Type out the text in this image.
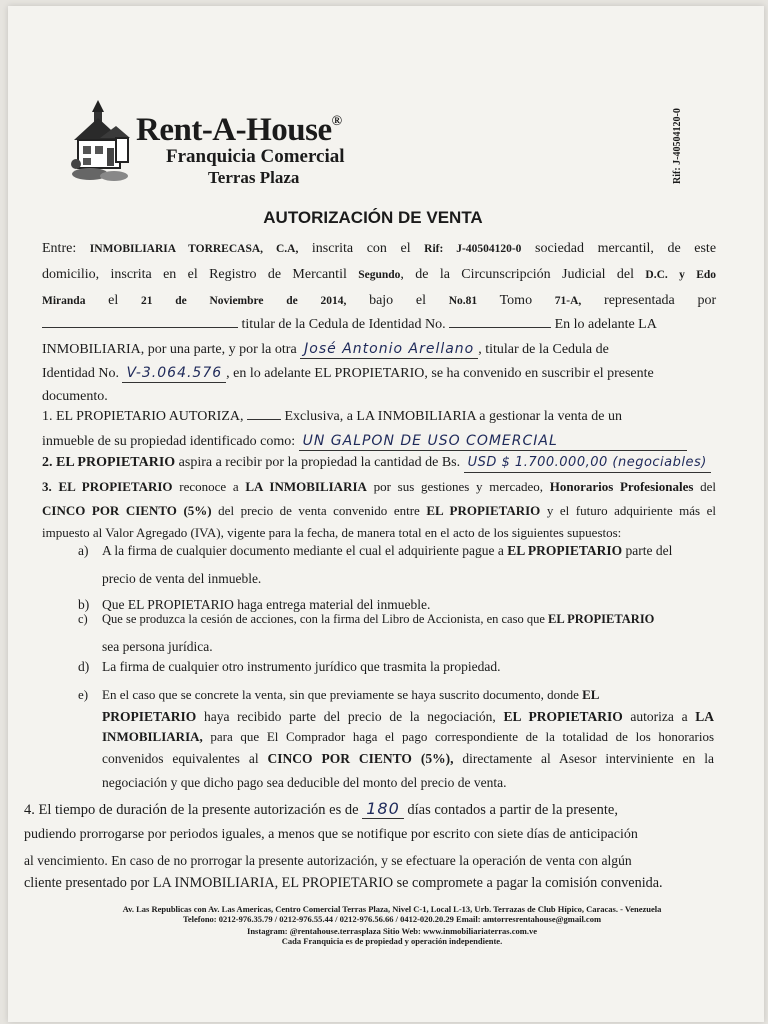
Rent-A-House®
Franquicia Comercial
Terras Plaza	Rif: J-40504120-0
AUTORIZACIÓN DE VENTA
Entre: INMOBILIARIA TORRECASA, C.A, inscrita con el Rif: J-40504120-0 sociedad mercantil, de este
domicilio, inscrita en el Registro de Mercantil Segundo, de la Circunscripción Judicial del D.C. y Edo
Miranda el 21 de Noviembre de 2014, bajo el No.81 Tomo 71-A, representada por
titular de la Cedula de Identidad No.	En lo adelante LA
INMOBILIARIA, por una parte, y por la otra José Antonio Arellano , titular de la Cedula de
Identidad No. V-3.064.576 , en lo adelante EL PROPIETARIO, se ha convenido en suscribir el presente
documento.
1. EL PROPIETARIO AUTORIZA,	Exclusiva, a LA INMOBILIARIA a gestionar la venta de un
inmueble de su propiedad identificado como: UN GALPON DE USO COMERCIAL
2. EL PROPIETARIO aspira a recibir por la propiedad la cantidad de Bs. USD $ 1.700.000,00 (negociables)
3. EL PROPIETARIO reconoce a LA INMOBILIARIA por sus gestiones y mercadeo, Honorarios Profesionales del
CINCO POR CIENTO (5%) del precio de venta convenido entre EL PROPIETARIO y el futuro adquiriente más el
impuesto al Valor Agregado (IVA), vigente para la fecha, de manera total en el acto de los siguientes supuestos:
a) A la firma de cualquier documento mediante el cual el adquiriente pague a EL PROPIETARIO parte del
precio de venta del inmueble.
b) Que EL PROPIETARIO haga entrega material del inmueble.
c) Que se produzca la cesión de acciones, con la firma del Libro de Accionista, en caso que EL PROPIETARIO
sea persona jurídica.
d) La firma de cualquier otro instrumento jurídico que trasmita la propiedad.
e) En el caso que se concrete la venta, sin que previamente se haya suscrito documento, donde EL
PROPIETARIO haya recibido parte del precio de la negociación, EL PROPIETARIO autoriza a LA
INMOBILIARIA, para que El Comprador haga el pago correspondiente de la totalidad de los honorarios
convenidos equivalentes al CINCO POR CIENTO (5%), directamente al Asesor interviniente en la
negociación y que dicho pago sea deducible del monto del precio de venta.
4. El tiempo de duración de la presente autorización es de 180 días contados a partir de la presente,
pudiendo prorrogarse por periodos iguales, a menos que se notifique por escrito con siete días de anticipación
al vencimiento. En caso de no prorrogar la presente autorización, y se efectuare la operación de venta con algún
cliente presentado por LA INMOBILIARIA, EL PROPIETARIO se compromete a pagar la comisión convenida.
Av. Las Republicas con Av. Las Americas, Centro Comercial Terras Plaza, Nivel C-1, Local L-13, Urb. Terrazas de Club Hípico, Caracas. - Venezuela
Telefono: 0212-976.35.79 / 0212-976.55.44 / 0212-976.56.66 / 0412-020.20.29 Email: amtorresrentahouse@gmail.com
Instagram: @rentahouse.terrasplaza Sitio Web: www.inmobiliariaterras.com.ve
Cada Franquicia es de propiedad y operación independiente.
